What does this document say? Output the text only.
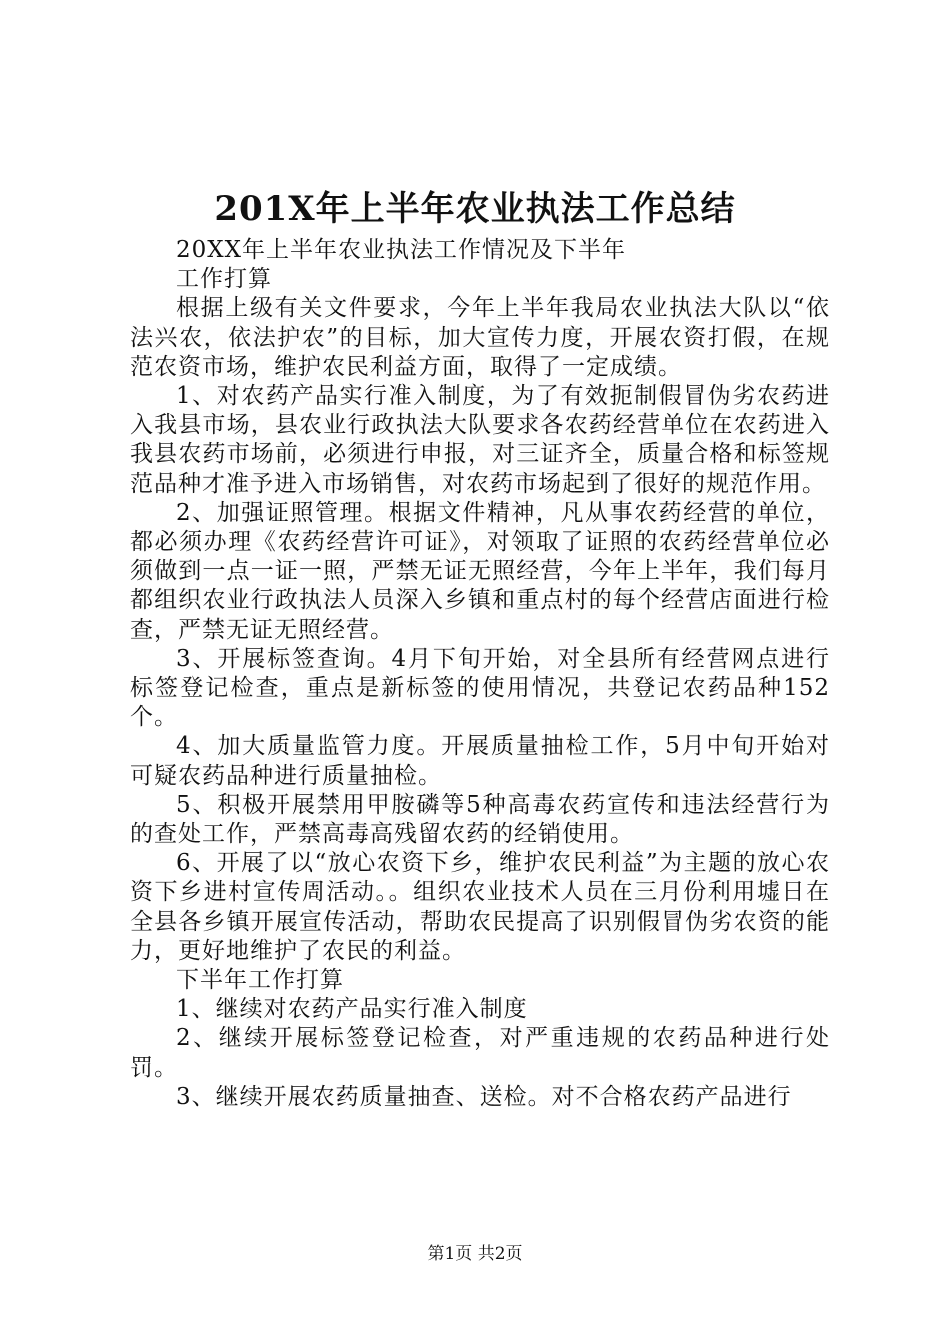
201X年上半年农业执法工作总结

20XX年上半年农业执法工作情况及下半年

工作打算

根据上级有关文件要求，今年上半年我局农业执法大队以“依法兴农，依法护农”的目标，加大宣传力度，开展农资打假，在规范农资市场，维护农民利益方面，取得了一定成绩。

1、对农药产品实行准入制度，为了有效扼制假冒伪劣农药进入我县市场，县农业行政执法大队要求各农药经营单位在农药进入我县农药市场前，必须进行申报，对三证齐全，质量合格和标签规范品种才准予进入市场销售，对农药市场起到了很好的规范作用。

2、加强证照管理。根据文件精神，凡从事农药经营的单位，都必须办理《农药经营许可证》，对领取了证照的农药经营单位必须做到一点一证一照，严禁无证无照经营，今年上半年，我们每月都组织农业行政执法人员深入乡镇和重点村的每个经营店面进行检查，严禁无证无照经营。

3、开展标签查询。4月下旬开始，对全县所有经营网点进行标签登记检查，重点是新标签的使用情况，共登记农药品种152个。

4、加大质量监管力度。开展质量抽检工作，5月中旬开始对可疑农药品种进行质量抽检。

5、积极开展禁用甲胺磷等5种高毒农药宣传和违法经营行为的查处工作，严禁高毒高残留农药的经销使用。

6、开展了以“放心农资下乡，维护农民利益”为主题的放心农资下乡进村宣传周活动。。组织农业技术人员在三月份利用墟日在全县各乡镇开展宣传活动，帮助农民提高了识别假冒伪劣农资的能力，更好地维护了农民的利益。

下半年工作打算

1、继续对农药产品实行准入制度

2、继续开展标签登记检查，对严重违规的农药品种进行处罚。

3、继续开展农药质量抽查、送检。对不合格农药产品进行

第1页 共2页
